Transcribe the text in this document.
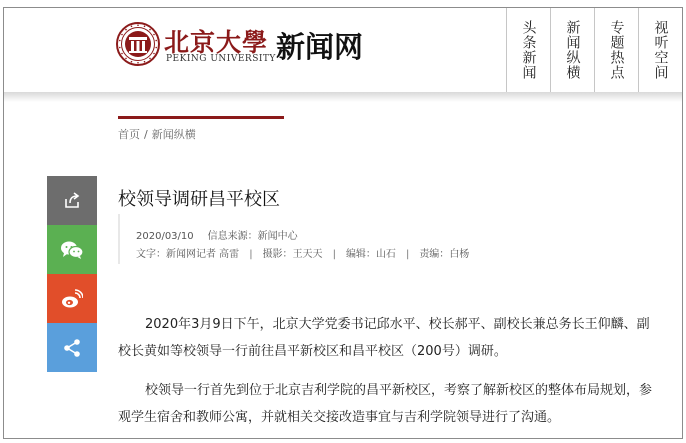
北京大學
PEKING UNIVERSITY 新闻网	头条新闻 新闻纵横 专题热点 视听空间
首页 / 新闻纵横
校领导调研昌平校区
2020/03/10 信息来源：新闻中心
文字：新闻网记者 高雷 | 摄影：王天天 | 编辑：山石 | 责编：白杨

2020年3月9日下午，北京大学党委书记邱水平、校长郝平、副校长兼总务长王仰麟、副校长黄如等校领导一行前往昌平新校区和昌平校区（200号）调研。

校领导一行首先到位于北京吉利学院的昌平新校区，考察了解新校区的整体布局规划，参观学生宿舍和教师公寓，并就相关交接改造事宜与吉利学院领导进行了沟通。
